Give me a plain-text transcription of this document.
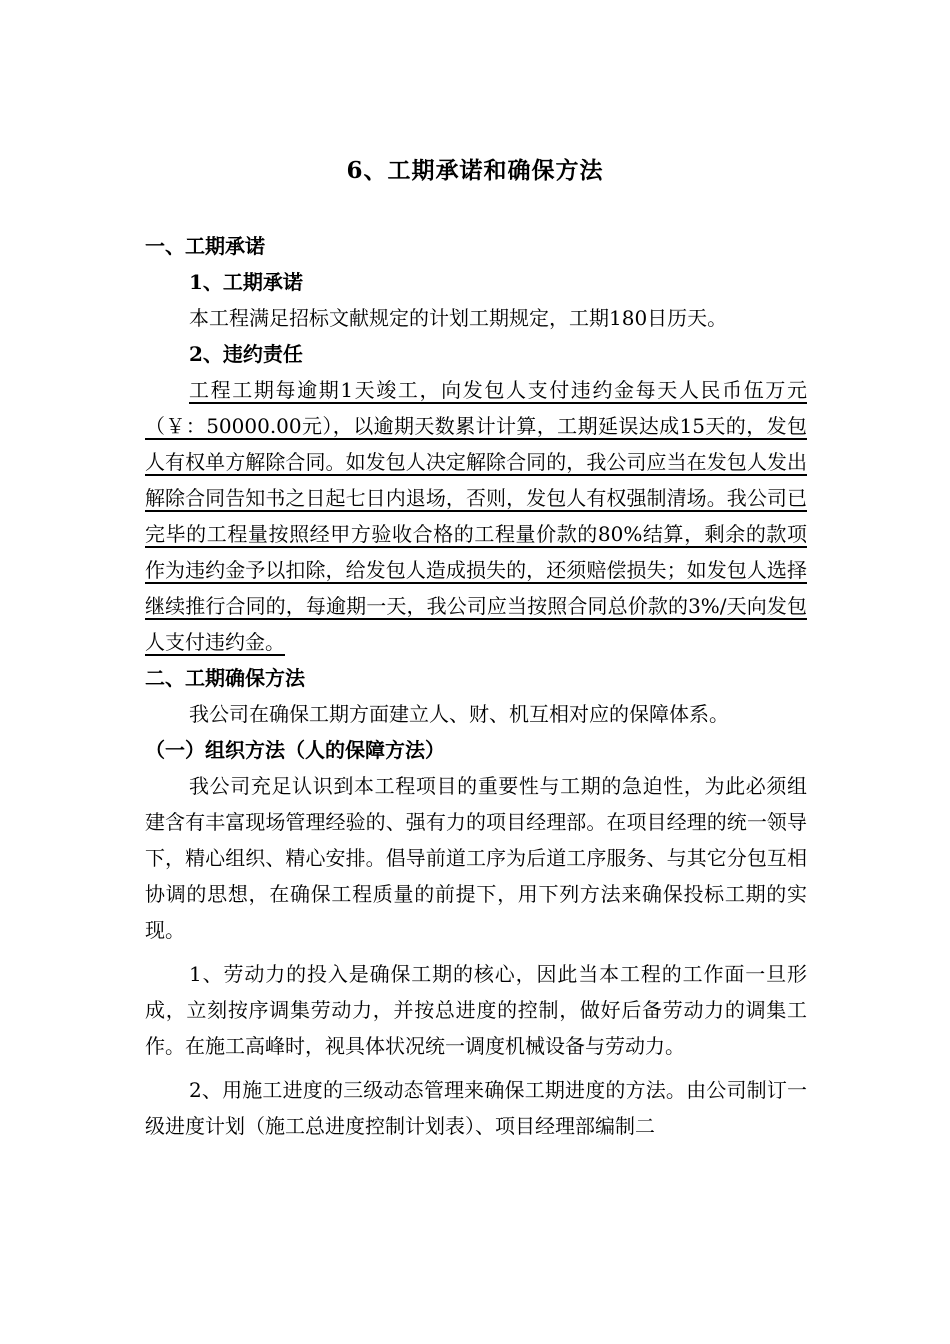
6、工期承诺和确保方法

一、工期承诺

1、工期承诺

本工程满足招标文献规定的计划工期规定，工期180日历天。

2、违约责任

工程工期每逾期1天竣工，向发包人支付违约金每天人民币伍万元（￥：50000.00元），以逾期天数累计计算，工期延误达成15天的，发包人有权单方解除合同。如发包人决定解除合同的，我公司应当在发包人发出解除合同告知书之日起七日内退场，否则，发包人有权强制清场。我公司已完毕的工程量按照经甲方验收合格的工程量价款的80%结算，剩余的款项作为违约金予以扣除，给发包人造成损失的，还须赔偿损失；如发包人选择继续推行合同的，每逾期一天，我公司应当按照合同总价款的3%/天向发包人支付违约金。

二、工期确保方法

我公司在确保工期方面建立人、财、机互相对应的保障体系。

（一）组织方法（人的保障方法）

我公司充足认识到本工程项目的重要性与工期的急迫性，为此必须组建含有丰富现场管理经验的、强有力的项目经理部。在项目经理的统一领导下，精心组织、精心安排。倡导前道工序为后道工序服务、与其它分包互相协调的思想，在确保工程质量的前提下，用下列方法来确保投标工期的实现。

1、劳动力的投入是确保工期的核心，因此当本工程的工作面一旦形成，立刻按序调集劳动力，并按总进度的控制，做好后备劳动力的调集工作。在施工高峰时，视具体状况统一调度机械设备与劳动力。

2、用施工进度的三级动态管理来确保工期进度的方法。由公司制订一级进度计划（施工总进度控制计划表）、项目经理部编制二
